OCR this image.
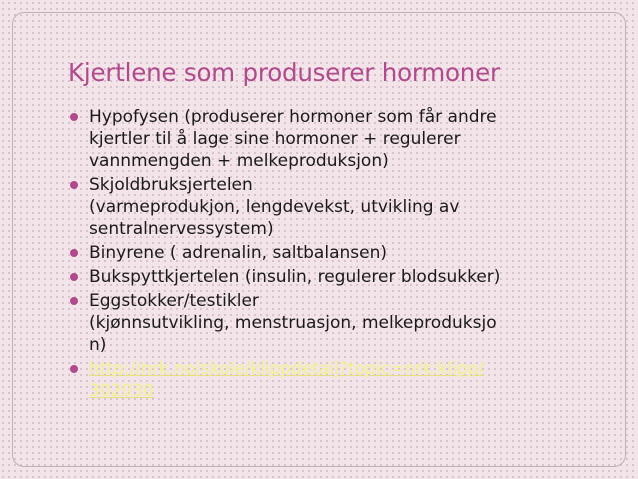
Kjertlene som produserer hormoner
Hypofysen (produserer hormoner som får andre
kjertler til å lage sine hormoner + regulerer
vannmengden + melkeproduksjon)
Skjoldbruksjertelen
(varmeprodukjon, lengdevekst, utvikling av
sentralnervessystem)
Binyrene ( adrenalin, saltbalansen)
Bukspyttkjertelen (insulin, regulerer blodsukker)
Eggstokker/testikler
(kjønnsutvikling, menstruasjon, melkeproduksjo
n)
http://nrk.no/skole/klippdetalj?topic=nrk:klipp/
302030
